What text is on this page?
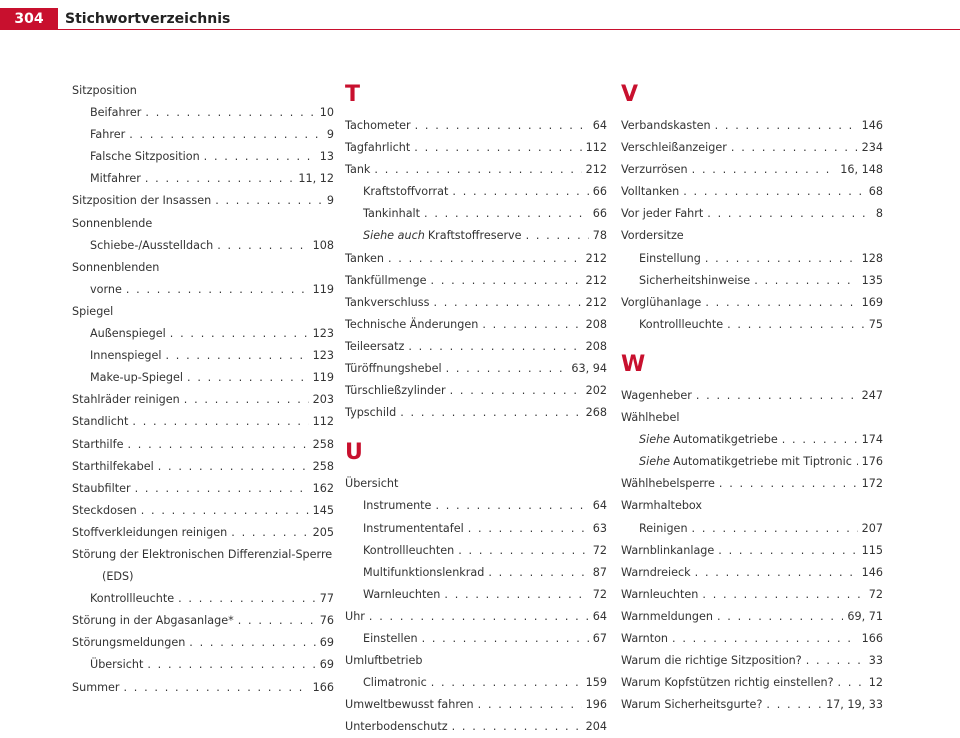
304	Stichwortverzeichnis
Sitzposition
Beifahrer . . .	10
Fahrer . . .	9
Falsche Sitzposition . . .	13
Mitfahrer . . .	11, 12
Sitzposition der Insassen . . .	9
Sonnenblende
Schiebe-/Ausstelldach . . .	108
Sonnenblenden
vorne . . .	119
Spiegel
Außenspiegel . . .	123
Innenspiegel . . .	123
Make-up-Spiegel . . .	119
Stahlräder reinigen . . .	203
Standlicht . . .	112
Starthilfe . . .	258
Starthilfekabel . . .	258
Staubfilter . . .	162
Steckdosen . . .	145
Stoffverkleidungen reinigen . . .	205
Störung der Elektronischen Differenzial-Sperre
(EDS)
Kontrollleuchte . . .	77
Störung in der Abgasanlage* . . .	76
Störungsmeldungen . . .	69
Übersicht . . .	69
Summer . . .	166
T
Tachometer . . .	64
Tagfahrlicht . . .	112
Tank . . .	212
Kraftstoffvorrat . . .	66
Tankinhalt . . .	66
Siehe auch Kraftstoffreserve . . .	78
Tanken . . .	212
Tankfüllmenge . . .	212
Tankverschluss . . .	212
Technische Änderungen . . .	208
Teileersatz . . .	208
Türöffnungshebel . . .	63, 94
Türschließzylinder . . .	202
Typschild . . .	268
U
Übersicht
Instrumente . . .	64
Instrumententafel . . .	63
Kontrollleuchten . . .	72
Multifunktionslenkrad . . .	87
Warnleuchten . . .	72
Uhr . . .	64
Einstellen . . .	67
Umluftbetrieb
Climatronic . . .	159
Umweltbewusst fahren . . .	196
Unterbodenschutz . . .	204
V
Verbandskasten . . .	146
Verschleißanzeiger . . .	234
Verzurrösen . . .	16, 148
Volltanken . . .	68
Vor jeder Fahrt . . .	8
Vordersitze
Einstellung . . .	128
Sicherheitshinweise . . .	135
Vorglühanlage . . .	169
Kontrollleuchte . . .	75
W
Wagenheber . . .	247
Wählhebel
Siehe Automatikgetriebe . . .	174
Siehe Automatikgetriebe mit Tiptronic . . . 176
Wählhebelsperre . . .	172
Warmhaltebox
Reinigen . . .	207
Warnblinkanlage . . .	115
Warndreieck . . .	146
Warnleuchten . . .	72
Warnmeldungen . . .	69, 71
Warnton . . .	166
Warum die richtige Sitzposition? . . .	33
Warum Kopfstützen richtig einstellen? . . .	12
Warum Sicherheitsgurte? . . .	17, 19, 33
